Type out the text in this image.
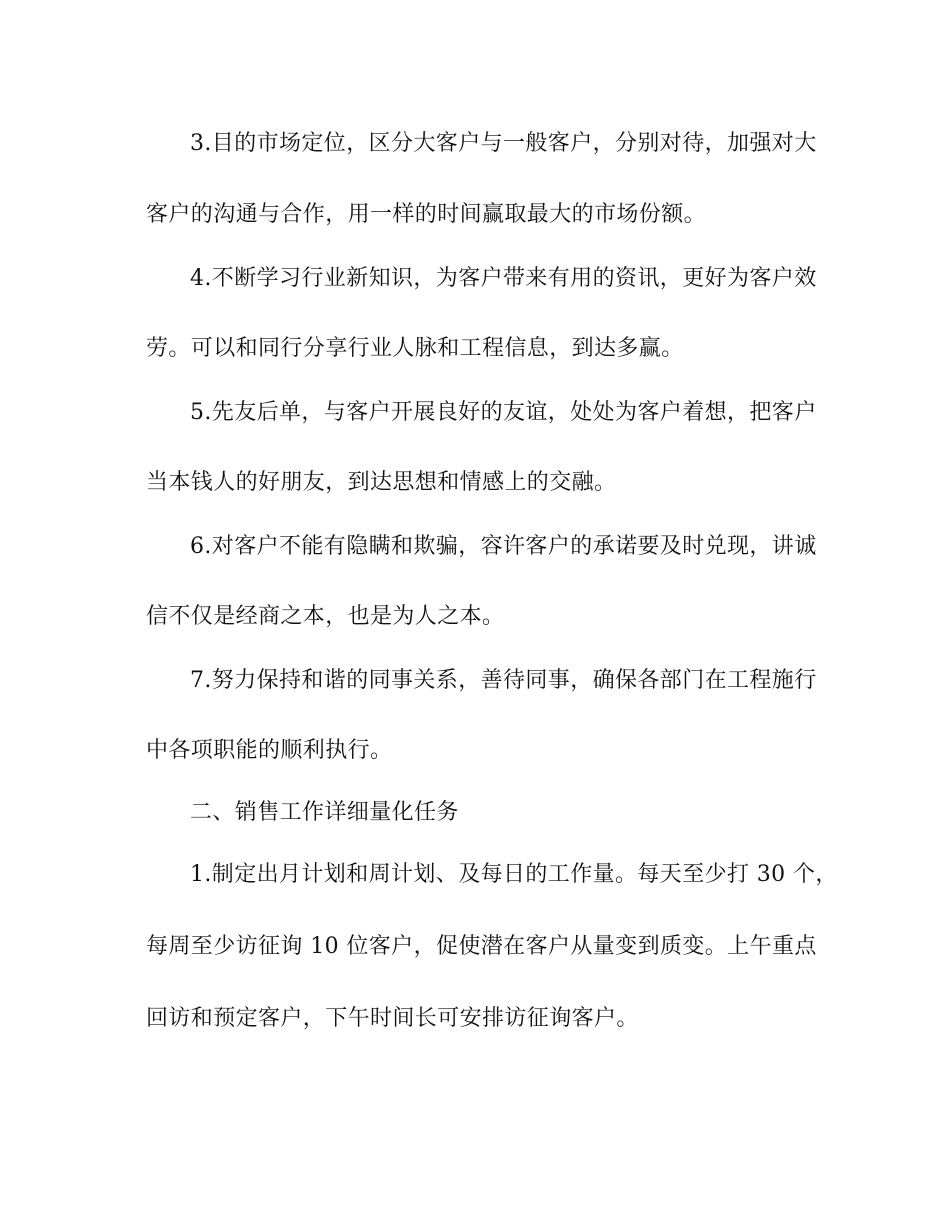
3.目的市场定位，区分大客户与一般客户，分别对待，加强对大
客户的沟通与合作，用一样的时间赢取最大的市场份额。
4.不断学习行业新知识，为客户带来有用的资讯，更好为客户效
劳。可以和同行分享行业人脉和工程信息，到达多赢。
5.先友后单，与客户开展良好的友谊，处处为客户着想，把客户
当本钱人的好朋友，到达思想和情感上的交融。
6.对客户不能有隐瞒和欺骗，容许客户的承诺要及时兑现，讲诚
信不仅是经商之本，也是为人之本。
7.努力保持和谐的同事关系，善待同事，确保各部门在工程施行
中各项职能的顺利执行。
二、销售工作详细量化任务
1.制定出月计划和周计划、及每日的工作量。每天至少打 30 个，
每周至少访征询 10 位客户，促使潜在客户从量变到质变。上午重点
回访和预定客户，下午时间长可安排访征询客户。
